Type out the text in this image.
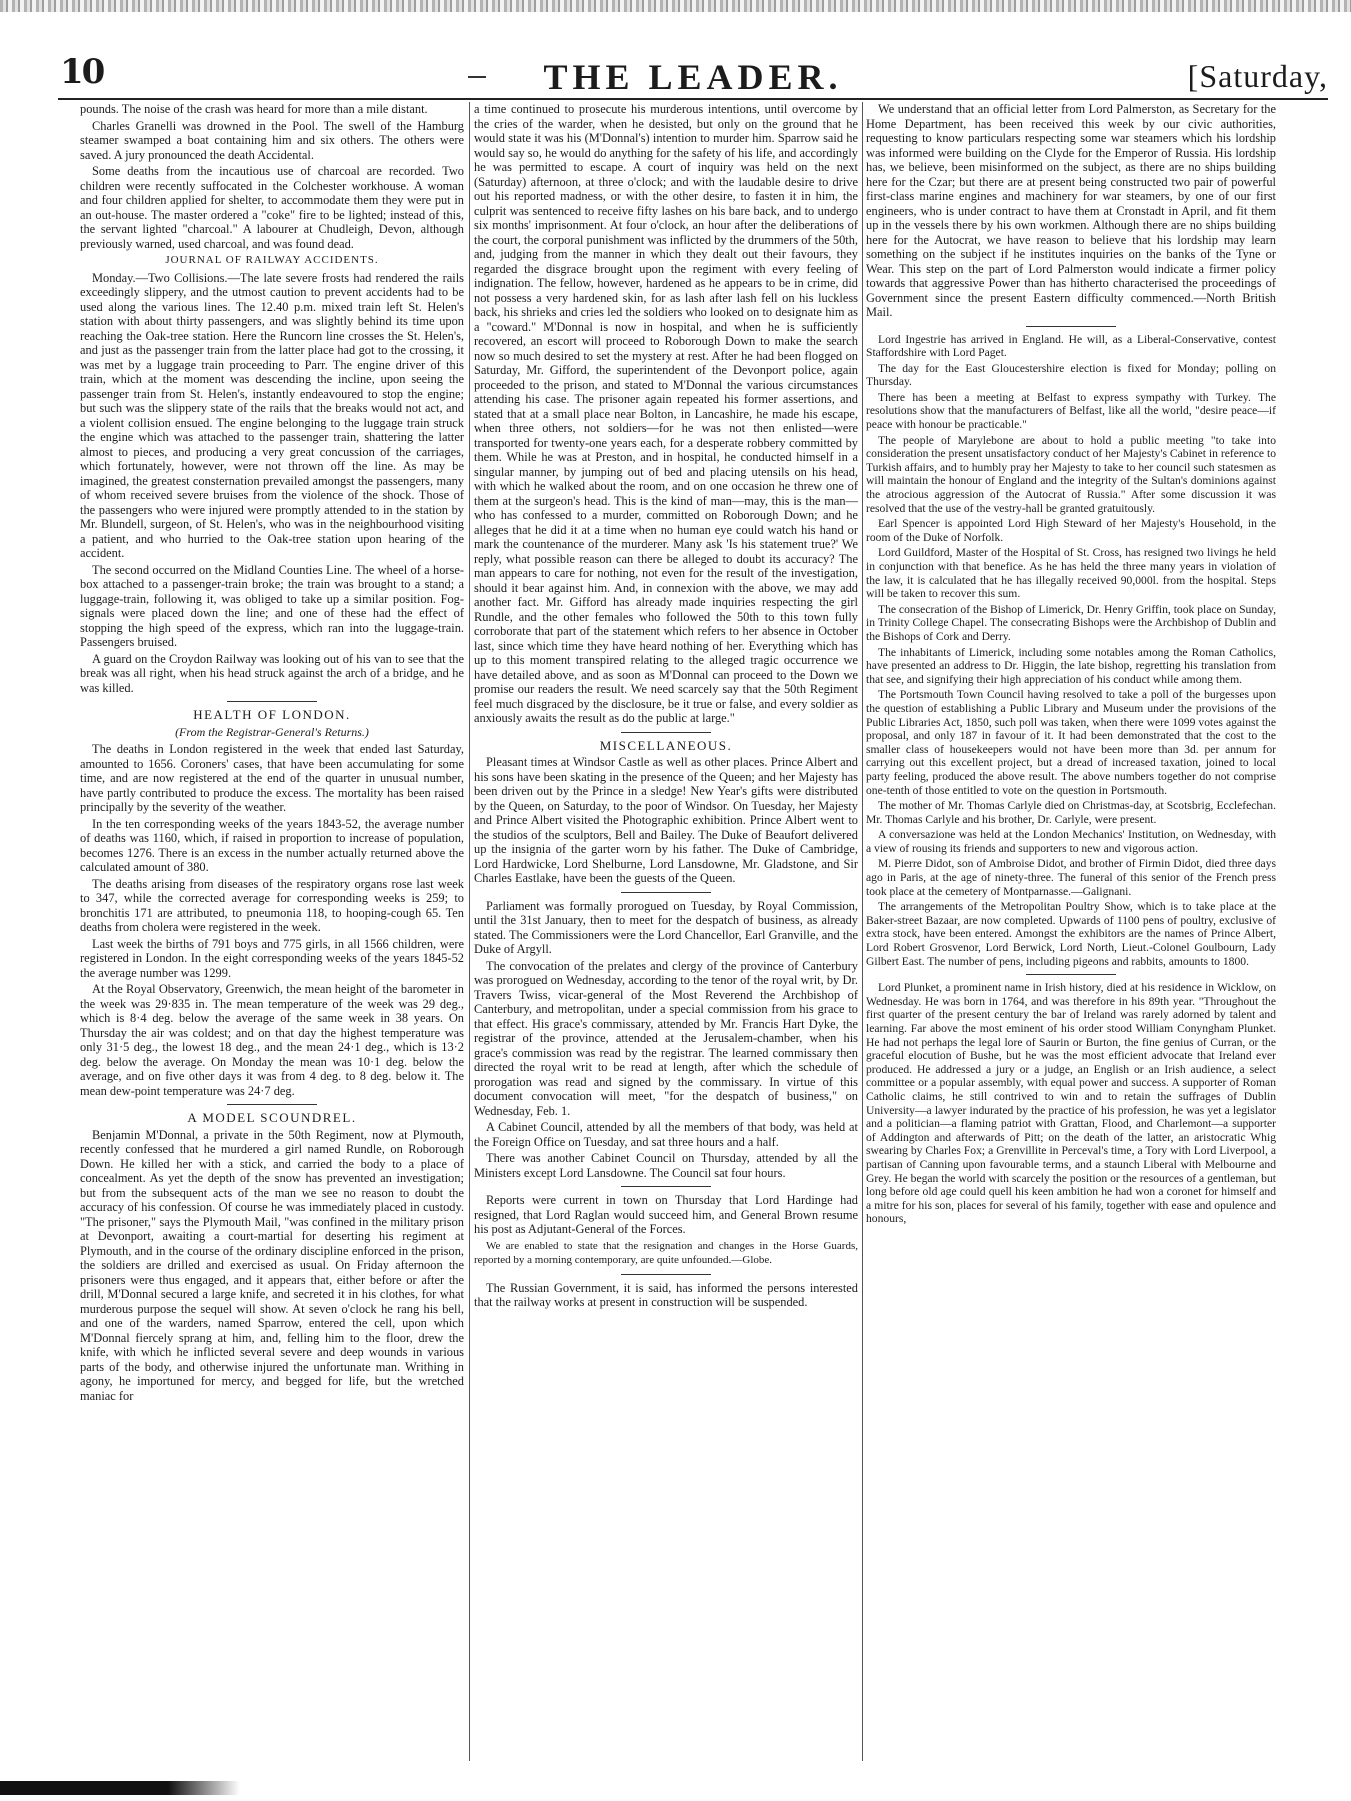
10	THE LEADER.	[Saturday,

pounds. The noise of the crash was heard for more than a mile distant.

Charles Granelli was drowned in the Pool. The swell of the Hamburg steamer swamped a boat containing him and six others. The others were saved. A jury pronounced the death Accidental.

Some deaths from the incautious use of charcoal are recorded. Two children were recently suffocated in the Colchester workhouse. A woman and four children applied for shelter, to accommodate them they were put in an out-house. The master ordered a "coke" fire to be lighted; instead of this, the servant lighted "charcoal." A labourer at Chudleigh, Devon, although previously warned, used charcoal, and was found dead.

JOURNAL OF RAILWAY ACCIDENTS.

Monday.—Two Collisions.—The late severe frosts had rendered the rails exceedingly slippery, and the utmost caution to prevent accidents had to be used along the various lines. The 12.40 p.m. mixed train left St. Helen's station with about thirty passengers, and was slightly behind its time upon reaching the Oak-tree station. Here the Runcorn line crosses the St. Helen's, and just as the passenger train from the latter place had got to the crossing, it was met by a luggage train proceeding to Parr. The engine driver of this train, which at the moment was descending the incline, upon seeing the passenger train from St. Helen's, instantly endeavoured to stop the engine; but such was the slippery state of the rails that the breaks would not act, and a violent collision ensued. The engine belonging to the luggage train struck the engine which was attached to the passenger train, shattering the latter almost to pieces, and producing a very great concussion of the carriages, which fortunately, however, were not thrown off the line. As may be imagined, the greatest consternation prevailed amongst the passengers, many of whom received severe bruises from the violence of the shock. Those of the passengers who were injured were promptly attended to in the station by Mr. Blundell, surgeon, of St. Helen's, who was in the neighbourhood visiting a patient, and who hurried to the Oak-tree station upon hearing of the accident.

The second occurred on the Midland Counties Line. The wheel of a horse-box attached to a passenger-train broke; the train was brought to a stand; a luggage-train, following it, was obliged to take up a similar position. Fog-signals were placed down the line; and one of these had the effect of stopping the high speed of the express, which ran into the luggage-train. Passengers bruised.

A guard on the Croydon Railway was looking out of his van to see that the break was all right, when his head struck against the arch of a bridge, and he was killed.

HEALTH OF LONDON.
(From the Registrar-General's Returns.)

The deaths in London registered in the week that ended last Saturday, amounted to 1656. Coroners' cases, that have been accumulating for some time, and are now registered at the end of the quarter in unusual number, have partly contributed to produce the excess. The mortality has been raised principally by the severity of the weather.

In the ten corresponding weeks of the years 1843-52, the average number of deaths was 1160, which, if raised in proportion to increase of population, becomes 1276. There is an excess in the number actually returned above the calculated amount of 380.

The deaths arising from diseases of the respiratory organs rose last week to 347, while the corrected average for corresponding weeks is 259; to bronchitis 171 are attributed, to pneumonia 118, to hooping-cough 65. Ten deaths from cholera were registered in the week.

Last week the births of 791 boys and 775 girls, in all 1566 children, were registered in London. In the eight corresponding weeks of the years 1845-52 the average number was 1299.

At the Royal Observatory, Greenwich, the mean height of the barometer in the week was 29·835 in. The mean temperature of the week was 29 deg., which is 8·4 deg. below the average of the same week in 38 years. On Thursday the air was coldest; and on that day the highest temperature was only 31·5 deg., the lowest 18 deg., and the mean 24·1 deg., which is 13·2 deg. below the average. On Monday the mean was 10·1 deg. below the average, and on five other days it was from 4 deg. to 8 deg. below it. The mean dew-point temperature was 24·7 deg.

A MODEL SCOUNDREL.

Benjamin M'Donnal, a private in the 50th Regiment, now at Plymouth, recently confessed that he murdered a girl named Rundle, on Roborough Down. He killed her with a stick, and carried the body to a place of concealment. As yet the depth of the snow has prevented an investigation; but from the subsequent acts of the man we see no reason to doubt the accuracy of his confession. Of course he was immediately placed in custody. "The prisoner," says the Plymouth Mail, "was confined in the military prison at Devonport, awaiting a court-martial for deserting his regiment at Plymouth, and in the course of the ordinary discipline enforced in the prison, the soldiers are drilled and exercised as usual. On Friday afternoon the prisoners were thus engaged, and it appears that, either before or after the drill, M'Donnal secured a large knife, and secreted it in his clothes, for what murderous purpose the sequel will show. At seven o'clock he rang his bell, and one of the warders, named Sparrow, entered the cell, upon which M'Donnal fiercely sprang at him, and, felling him to the floor, drew the knife, with which he inflicted several severe and deep wounds in various parts of the body, and otherwise injured the unfortunate man. Writhing in agony, he importuned for mercy, and begged for life, but the wretched maniac for

a time continued to prosecute his murderous intentions, until overcome by the cries of the warder, when he desisted, but only on the ground that he would state it was his (M'Donnal's) intention to murder him. Sparrow said he would say so, he would do anything for the safety of his life, and accordingly he was permitted to escape. A court of inquiry was held on the next (Saturday) afternoon, at three o'clock; and with the laudable desire to drive out his reported madness, or with the other desire, to fasten it in him, the culprit was sentenced to receive fifty lashes on his bare back, and to undergo six months' imprisonment. At four o'clock, an hour after the deliberations of the court, the corporal punishment was inflicted by the drummers of the 50th, and, judging from the manner in which they dealt out their favours, they regarded the disgrace brought upon the regiment with every feeling of indignation. The fellow, however, hardened as he appears to be in crime, did not possess a very hardened skin, for as lash after lash fell on his luckless back, his shrieks and cries led the soldiers who looked on to designate him as a "coward." M'Donnal is now in hospital, and when he is sufficiently recovered, an escort will proceed to Roborough Down to make the search now so much desired to set the mystery at rest. After he had been flogged on Saturday, Mr. Gifford, the superintendent of the Devonport police, again proceeded to the prison, and stated to M'Donnal the various circumstances attending his case. The prisoner again repeated his former assertions, and stated that at a small place near Bolton, in Lancashire, he made his escape, when three others, not soldiers—for he was not then enlisted—were transported for twenty-one years each, for a desperate robbery committed by them. While he was at Preston, and in hospital, he conducted himself in a singular manner, by jumping out of bed and placing utensils on his head, with which he walked about the room, and on one occasion he threw one of them at the surgeon's head. This is the kind of man—may, this is the man—who has confessed to a murder, committed on Roborough Down; and he alleges that he did it at a time when no human eye could watch his hand or mark the countenance of the murderer. Many ask 'Is his statement true?' We reply, what possible reason can there be alleged to doubt its accuracy? The man appears to care for nothing, not even for the result of the investigation, should it bear against him. And, in connexion with the above, we may add another fact. Mr. Gifford has already made inquiries respecting the girl Rundle, and the other females who followed the 50th to this town fully corroborate that part of the statement which refers to her absence in October last, since which time they have heard nothing of her. Everything which has up to this moment transpired relating to the alleged tragic occurrence we have detailed above, and as soon as M'Donnal can proceed to the Down we promise our readers the result. We need scarcely say that the 50th Regiment feel much disgraced by the disclosure, be it true or false, and every soldier as anxiously awaits the result as do the public at large."

MISCELLANEOUS.

Pleasant times at Windsor Castle as well as other places. Prince Albert and his sons have been skating in the presence of the Queen; and her Majesty has been driven out by the Prince in a sledge! New Year's gifts were distributed by the Queen, on Saturday, to the poor of Windsor. On Tuesday, her Majesty and Prince Albert visited the Photographic exhibition. Prince Albert went to the studios of the sculptors, Bell and Bailey. The Duke of Beaufort delivered up the insignia of the garter worn by his father. The Duke of Cambridge, Lord Hardwicke, Lord Shelburne, Lord Lansdowne, Mr. Gladstone, and Sir Charles Eastlake, have been the guests of the Queen.

Parliament was formally prorogued on Tuesday, by Royal Commission, until the 31st January, then to meet for the despatch of business, as already stated. The Commissioners were the Lord Chancellor, Earl Granville, and the Duke of Argyll.

The convocation of the prelates and clergy of the province of Canterbury was prorogued on Wednesday, according to the tenor of the royal writ, by Dr. Travers Twiss, vicar-general of the Most Reverend the Archbishop of Canterbury, and metropolitan, under a special commission from his grace to that effect. His grace's commissary, attended by Mr. Francis Hart Dyke, the registrar of the province, attended at the Jerusalem-chamber, when his grace's commission was read by the registrar. The learned commissary then directed the royal writ to be read at length, after which the schedule of prorogation was read and signed by the commissary. In virtue of this document convocation will meet, "for the despatch of business," on Wednesday, Feb. 1.

A Cabinet Council, attended by all the members of that body, was held at the Foreign Office on Tuesday, and sat three hours and a half.

There was another Cabinet Council on Thursday, attended by all the Ministers except Lord Lansdowne. The Council sat four hours.

Reports were current in town on Thursday that Lord Hardinge had resigned, that Lord Raglan would succeed him, and General Brown resume his post as Adjutant-General of the Forces.

We are enabled to state that the resignation and changes in the Horse Guards, reported by a morning contemporary, are quite unfounded.—Globe.

The Russian Government, it is said, has informed the persons interested that the railway works at present in construction will be suspended.

We understand that an official letter from Lord Palmerston, as Secretary for the Home Department, has been received this week by our civic authorities, requesting to know particulars respecting some war steamers which his lordship was informed were building on the Clyde for the Emperor of Russia. His lordship has, we believe, been misinformed on the subject, as there are no ships building here for the Czar; but there are at present being constructed two pair of powerful first-class marine engines and machinery for war steamers, by one of our first engineers, who is under contract to have them at Cronstadt in April, and fit them up in the vessels there by his own workmen. Although there are no ships building here for the Autocrat, we have reason to believe that his lordship may learn something on the subject if he institutes inquiries on the banks of the Tyne or Wear. This step on the part of Lord Palmerston would indicate a firmer policy towards that aggressive Power than has hitherto characterised the proceedings of Government since the present Eastern difficulty commenced.—North British Mail.

Lord Ingestrie has arrived in England. He will, as a Liberal-Conservative, contest Staffordshire with Lord Paget.

The day for the East Gloucestershire election is fixed for Monday; polling on Thursday.

There has been a meeting at Belfast to express sympathy with Turkey. The resolutions show that the manufacturers of Belfast, like all the world, "desire peace—if peace with honour be practicable."

The people of Marylebone are about to hold a public meeting "to take into consideration the present unsatisfactory conduct of her Majesty's Cabinet in reference to Turkish affairs, and to humbly pray her Majesty to take to her council such statesmen as will maintain the honour of England and the integrity of the Sultan's dominions against the atrocious aggression of the Autocrat of Russia." After some discussion it was resolved that the use of the vestry-hall be granted gratuitously.

Earl Spencer is appointed Lord High Steward of her Majesty's Household, in the room of the Duke of Norfolk.

Lord Guildford, Master of the Hospital of St. Cross, has resigned two livings he held in conjunction with that benefice. As he has held the three many years in violation of the law, it is calculated that he has illegally received 90,000l. from the hospital. Steps will be taken to recover this sum.

The consecration of the Bishop of Limerick, Dr. Henry Griffin, took place on Sunday, in Trinity College Chapel. The consecrating Bishops were the Archbishop of Dublin and the Bishops of Cork and Derry.

The inhabitants of Limerick, including some notables among the Roman Catholics, have presented an address to Dr. Higgin, the late bishop, regretting his translation from that see, and signifying their high appreciation of his conduct while among them.

The Portsmouth Town Council having resolved to take a poll of the burgesses upon the question of establishing a Public Library and Museum under the provisions of the Public Libraries Act, 1850, such poll was taken, when there were 1099 votes against the proposal, and only 187 in favour of it. It had been demonstrated that the cost to the smaller class of housekeepers would not have been more than 3d. per annum for carrying out this excellent project, but a dread of increased taxation, joined to local party feeling, produced the above result. The above numbers together do not comprise one-tenth of those entitled to vote on the question in Portsmouth.

The mother of Mr. Thomas Carlyle died on Christmas-day, at Scotsbrig, Ecclefechan. Mr. Thomas Carlyle and his brother, Dr. Carlyle, were present.

A conversazione was held at the London Mechanics' Institution, on Wednesday, with a view of rousing its friends and supporters to new and vigorous action.

M. Pierre Didot, son of Ambroise Didot, and brother of Firmin Didot, died three days ago in Paris, at the age of ninety-three. The funeral of this senior of the French press took place at the cemetery of Montparnasse.—Galignani.

The arrangements of the Metropolitan Poultry Show, which is to take place at the Baker-street Bazaar, are now completed. Upwards of 1100 pens of poultry, exclusive of extra stock, have been entered. Amongst the exhibitors are the names of Prince Albert, Lord Robert Grosvenor, Lord Berwick, Lord North, Lieut.-Colonel Goulbourn, Lady Gilbert East. The number of pens, including pigeons and rabbits, amounts to 1800.

Lord Plunket, a prominent name in Irish history, died at his residence in Wicklow, on Wednesday. He was born in 1764, and was therefore in his 89th year. "Throughout the first quarter of the present century the bar of Ireland was rarely adorned by talent and learning. Far above the most eminent of his order stood William Conyngham Plunket. He had not perhaps the legal lore of Saurin or Burton, the fine genius of Curran, or the graceful elocution of Bushe, but he was the most efficient advocate that Ireland ever produced. He addressed a jury or a judge, an English or an Irish audience, a select committee or a popular assembly, with equal power and success. A supporter of Roman Catholic claims, he still contrived to win and to retain the suffrages of Dublin University—a lawyer indurated by the practice of his profession, he was yet a legislator and a politician—a flaming patriot with Grattan, Flood, and Charlemont—a supporter of Addington and afterwards of Pitt; on the death of the latter, an aristocratic Whig swearing by Charles Fox; a Grenvillite in Perceval's time, a Tory with Lord Liverpool, a partisan of Canning upon favourable terms, and a staunch Liberal with Melbourne and Grey. He began the world with scarcely the position or the resources of a gentleman, but long before old age could quell his keen ambition he had won a coronet for himself and a mitre for his son, places for several of his family, together with ease and opulence and honours,
